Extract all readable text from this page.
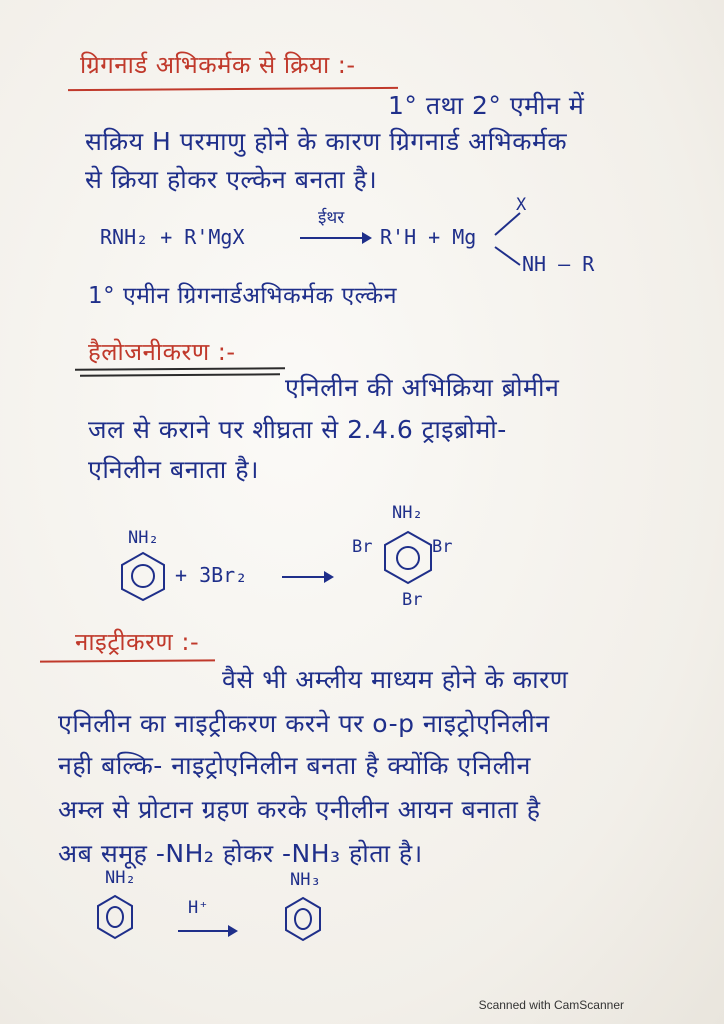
ग्रिगनार्ड अभिकर्मक से क्रिया :-
1° तथा 2° एमीन में
सक्रिय H परमाणु होने के कारण ग्रिगनार्ड अभिकर्मक
से क्रिया होकर एल्केन बनता है।
RNH₂ + R'MgX
ईथर
R'H + Mg
X
NH – R
1° एमीन ग्रिगनार्डअभिकर्मक एल्केन
हैलोजनीकरण :-
एनिलीन की अभिक्रिया ब्रोमीन
जल से कराने पर शीघ्रता से 2.4.6 ट्राइब्रोमो-
एनिलीन बनाता है।
NH₂
+ 3Br₂
NH₂
Br	Br
Br
नाइट्रीकरण :-
वैसे भी अम्लीय माध्यम होने के कारण
एनिलीन का नाइट्रीकरण करने पर o-p नाइट्रोएनिलीन
नही बल्कि- नाइट्रोएनिलीन बनता है क्योंकि एनिलीन
अम्ल से प्रोटान ग्रहण करके एनीलीन आयन बनाता है
अब समूह -NH₂ होकर -NH₃ होता है।
NH₂
H⁺
NH₃
Scanned with CamScanner
